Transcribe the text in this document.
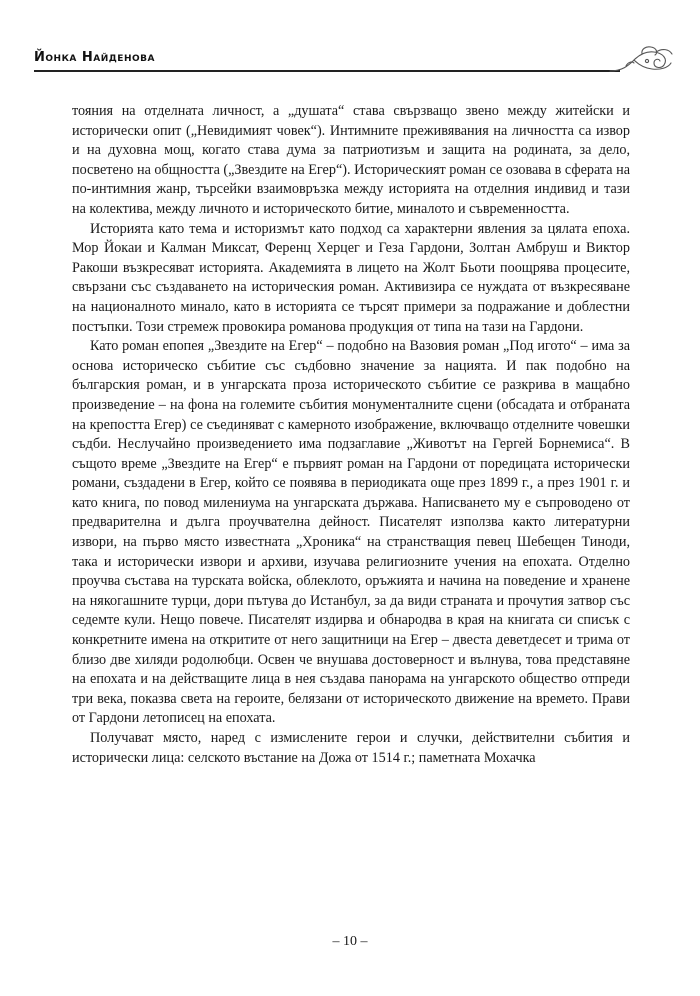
Йонка Найденова

тояния на отделната личност, а „душата“ става свързващо звено между житейски и исторически опит („Невидимият човек“). Интимните преживявания на личността са извор и на духовна мощ, когато става дума за патриотизъм и защита на родината, за дело, посветено на общността („Звездите на Егер“). Историческият роман се озовава в сферата на по-интимния жанр, търсейки взаимовръзка между историята на отделния индивид и тази на колектива, между личното и историческото битие, миналото и съвременността.

Историята като тема и историзмът като подход са характерни явления за цялата епоха. Мор Йокаи и Калман Миксат, Ференц Херцег и Геза Гардони, Золтан Амбруш и Виктор Ракоши възкресяват историята. Академията в лицето на Жолт Бьоти поощрява процесите, свързани със създаването на историческия роман. Активизира се нуждата от възкресяване на националното минало, като в историята се търсят примери за подражание и доблестни постъпки. Този стремеж провокира романова продукция от типа на тази на Гардони.

Като роман епопея „Звездите на Егер“ – подобно на Вазовия роман „Под игото“ – има за основа историческо събитие със съдбовно значение за нацията. И пак подобно на българския роман, и в унгарската проза историческото събитие се разкрива в мащабно произведение – на фона на големите събития монументалните сцени (обсадата и отбраната на крепостта Егер) се съединяват с камерното изображение, включващо отделните човешки съдби. Неслучайно произведението има подзаглавие „Животът на Гергей Борнемиса“. В същото време „Звездите на Егер“ е първият роман на Гардони от поредицата исторически романи, създадени в Егер, който се появява в периодиката още през 1899 г., а през 1901 г. и като книга, по повод милениума на унгарската държава. Написването му е съпроводено от предварителна и дълга проучвателна дейност. Писателят използва както литературни извори, на първо място известната „Хроника“ на странстващия певец Шебещен Тиноди, така и исторически извори и архиви, изучава религиозните учения на епохата. Отделно проучва състава на турската войска, облеклото, оръжията и начина на поведение и хранене на някогашните турци, дори пътува до Истанбул, за да види страната и прочутия затвор със седемте кули. Нещо повече. Писателят издирва и обнародва в края на книгата си списък с конкретните имена на откритите от него защитници на Егер – двеста деветдесет и трима от близо две хиляди родолюбци. Освен че внушава достоверност и вълнува, това представяне на епохата и на действащите лица в нея създава панорама на унгарското общество отпреди три века, показва света на героите, белязани от историческото движение на времето. Прави от Гардони летописец на епохата.

Получават място, наред с измислените герои и случки, действителни събития и исторически лица: селското въстание на Дожа от 1514 г.; паметната Мохачка

– 10 –
